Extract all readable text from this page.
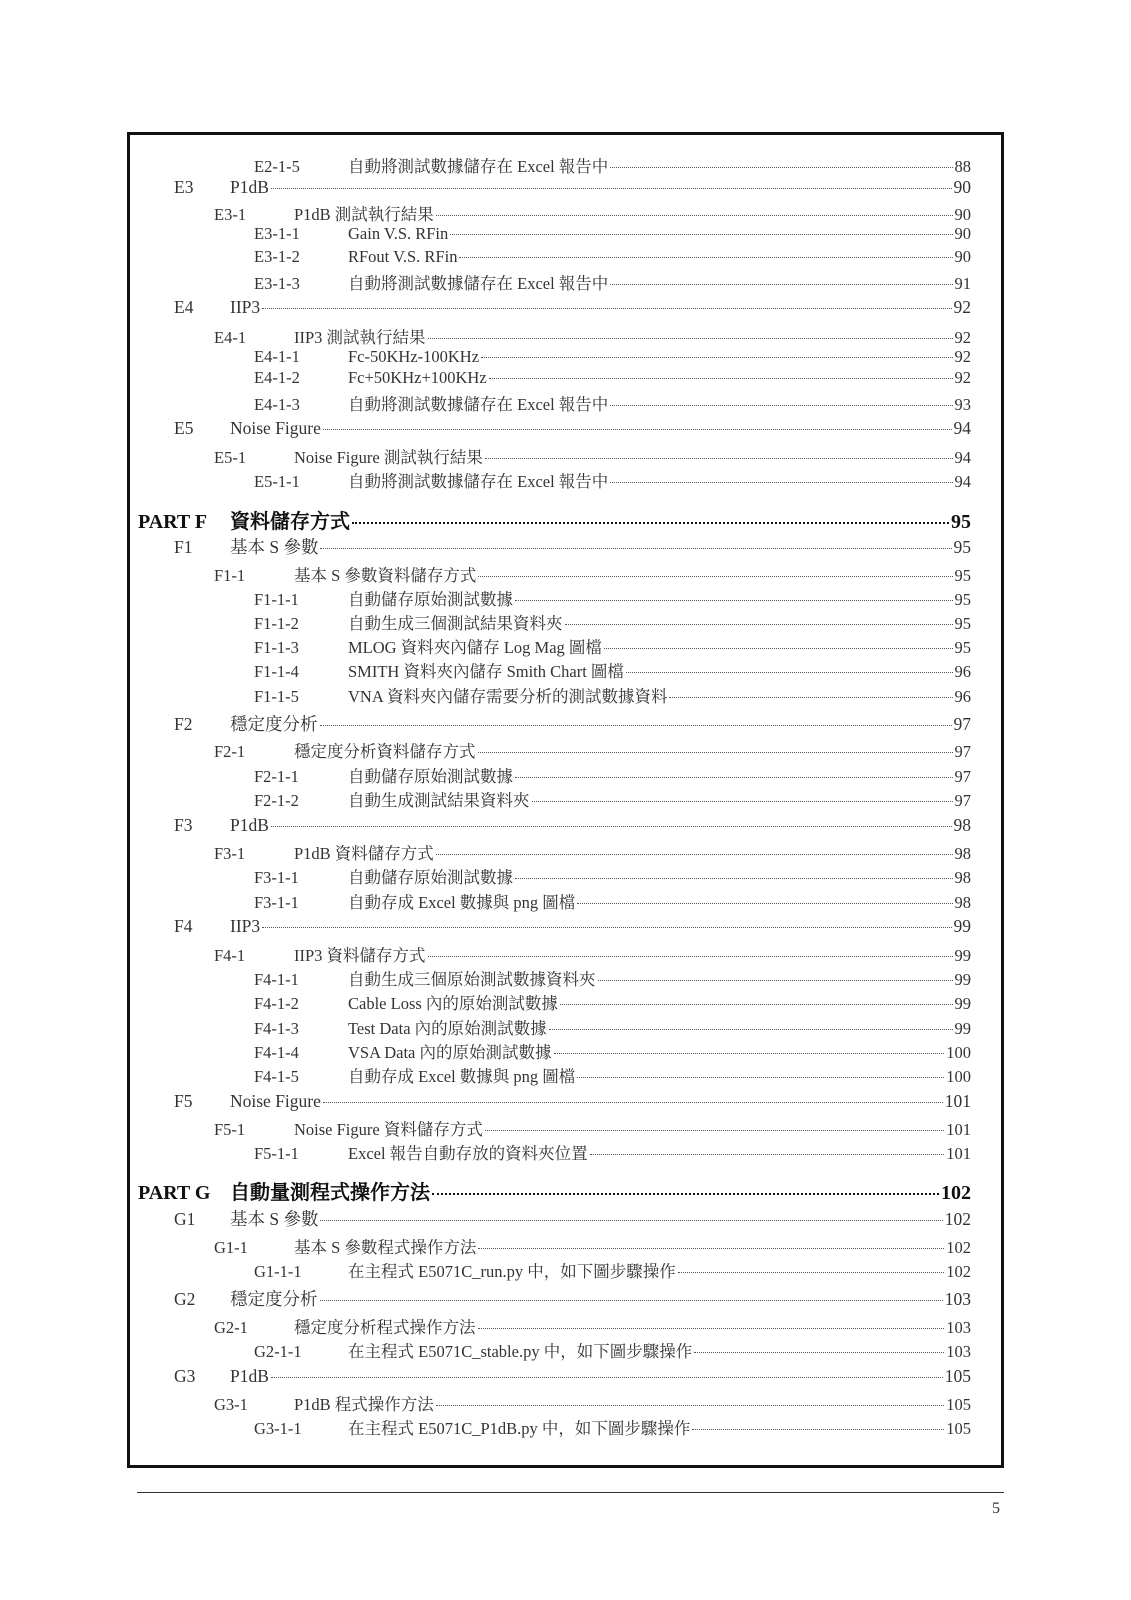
E2-1-5	自動將測試數據儲存在 Excel 報告中	88
E3	P1dB	90
E3-1	P1dB 測試執行結果	90
E3-1-1	Gain V.S. RFin	90
E3-1-2	RFout V.S. RFin	90
E3-1-3	自動將測試數據儲存在 Excel 報告中	91
E4	IIP3	92
E4-1	IIP3 測試執行結果	92
E4-1-1	Fc-50KHz-100KHz	92
E4-1-2	Fc+50KHz+100KHz	92
E4-1-3	自動將測試數據儲存在 Excel 報告中	93
E5	Noise Figure	94
E5-1	Noise Figure 測試執行結果	94
E5-1-1	自動將測試數據儲存在 Excel 報告中	94
PART F	資料儲存方式	95
F1	基本 S 參數	95
F1-1	基本 S 參數資料儲存方式	95
F1-1-1	自動儲存原始測試數據	95
F1-1-2	自動生成三個測試結果資料夾	95
F1-1-3	MLOG 資料夾內儲存 Log Mag 圖檔	95
F1-1-4	SMITH 資料夾內儲存 Smith Chart 圖檔	96
F1-1-5	VNA 資料夾內儲存需要分析的測試數據資料	96
F2	穩定度分析	97
F2-1	穩定度分析資料儲存方式	97
F2-1-1	自動儲存原始測試數據	97
F2-1-2	自動生成測試結果資料夾	97
F3	P1dB	98
F3-1	P1dB 資料儲存方式	98
F3-1-1	自動儲存原始測試數據	98
F3-1-1	自動存成 Excel 數據與 png 圖檔	98
F4	IIP3	99
F4-1	IIP3 資料儲存方式	99
F4-1-1	自動生成三個原始測試數據資料夾	99
F4-1-2	Cable Loss 內的原始測試數據	99
F4-1-3	Test Data 內的原始測試數據	99
F4-1-4	VSA Data 內的原始測試數據	100
F4-1-5	自動存成 Excel 數據與 png 圖檔	100
F5	Noise Figure	101
F5-1	Noise Figure 資料儲存方式	101
F5-1-1	Excel 報告自動存放的資料夾位置	101
PART G 自動量測程式操作方法	102
G1	基本 S 參數	102
G1-1	基本 S 參數程式操作方法	102
G1-1-1	在主程式 E5071C_run.py 中，如下圖步驟操作	102
G2	穩定度分析	103
G2-1	穩定度分析程式操作方法	103
G2-1-1	在主程式 E5071C_stable.py 中，如下圖步驟操作	103
G3	P1dB	105
G3-1	P1dB 程式操作方法	105
G3-1-1	在主程式 E5071C_P1dB.py 中，如下圖步驟操作	105
5
